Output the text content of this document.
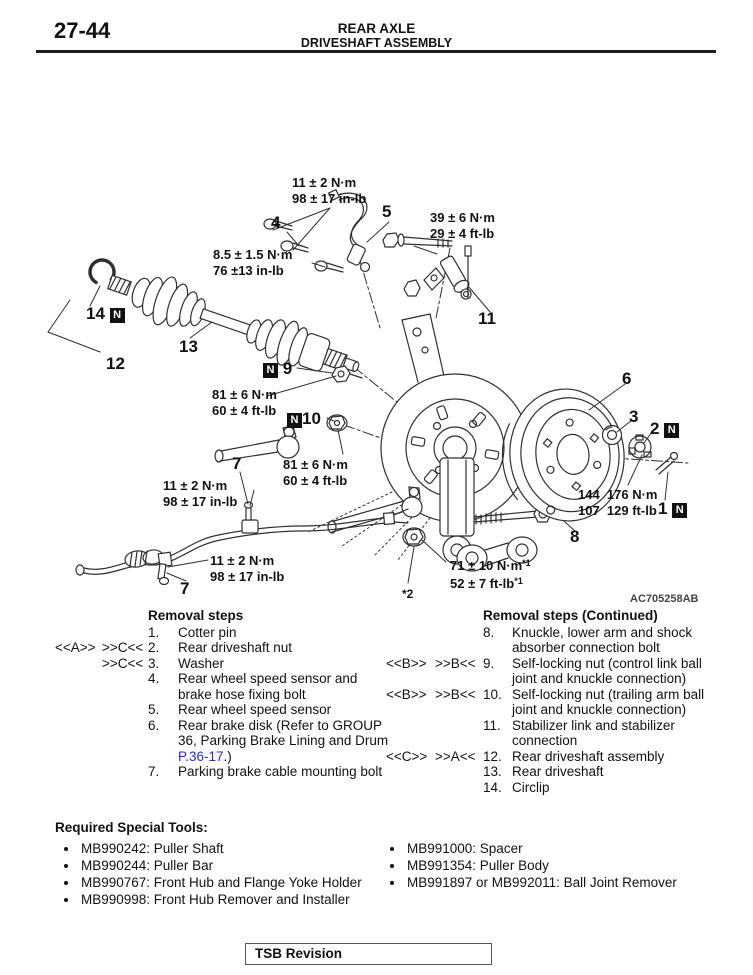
27-44	REAR AXLE
DRIVESHAFT ASSEMBLY
11 ± 2 N·m
98 ± 17 in-lb
4
5	39 ± 6 N·m
29 ± 4 ft-lb
8.5 ± 1.5 N·m
76 ±13 in-lb
11
14 N
12
13
N 9
81 ± 6 N·m
60 ± 4 ft-lb
N 10
81 ± 6 N·m
60 ± 4 ft-lb
6
3
2 N
144  176 N·m
107  129 ft-lb 1 N
8
71 ± 10 $N\cdot m^{*1}$
52 ± 7 $ft-lb^{*1}$
*2
11 ± 2 N·m
98 ± 17 in-lb
7
11 ± 2 N·m
98 ± 17 in-lb
7
AC705258AB
Removal steps
1.	Cotter pin
<<A>> >>C<< 2.	Rear driveshaft nut
>>C<< 3.	Washer
4.	Rear wheel speed sensor and brake hose fixing bolt
5.	Rear wheel speed sensor
6.	Rear brake disk (Refer to GROUP 36, Parking Brake Lining and Drum P.36-17.)
7.	Parking brake cable mounting bolt
Removal steps (Continued)
8.	Knuckle, lower arm and shock absorber connection bolt
<<B>> >>B<< 9.	Self-locking nut (control link ball joint and knuckle connection)
<<B>> >>B<< 10. Self-locking nut (trailing arm ball joint and knuckle connection)
11. Stabilizer link and stabilizer connection
<<C>> >>A<< 12. Rear driveshaft assembly
13. Rear driveshaft
14. Circlip
Required Special Tools:
• MB990242: Puller Shaft
• MB990244: Puller Bar
• MB990767: Front Hub and Flange Yoke Holder
• MB990998: Front Hub Remover and Installer
• MB991000: Spacer
• MB991354: Puller Body
• MB991897 or MB992011: Ball Joint Remover
TSB Revision
